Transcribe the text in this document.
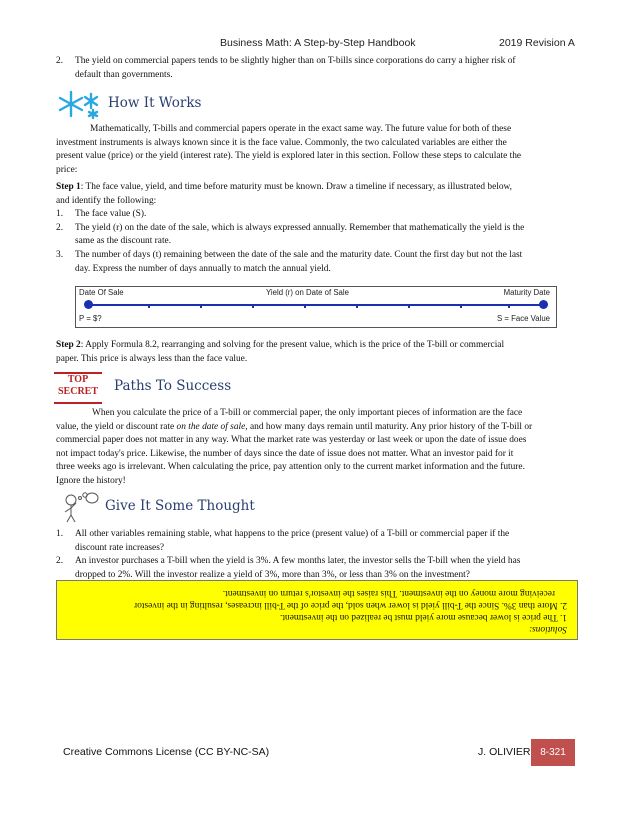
Business Math: A Step-by-Step Handbook	2019 Revision A
2. The yield on commercial papers tends to be slightly higher than on T-bills since corporations do carry a higher risk of
default than governments.
How It Works
Mathematically, T-bills and commercial papers operate in the exact same way. The future value for both of these
investment instruments is always known since it is the face value. Commonly, the two calculated variables are either the
present value (price) or the yield (interest rate). The yield is explored later in this section. Follow these steps to calculate the
price:
Step 1: The face value, yield, and time before maturity must be known. Draw a timeline if necessary, as illustrated below,
and identify the following:
1. The face value (S).
2. The yield (r) on the date of the sale, which is always expressed annually. Remember that mathematically the yield is the
same as the discount rate.
3. The number of days (t) remaining between the date of the sale and the maturity date. Count the first day but not the last
day. Express the number of days annually to match the annual yield.
Date Of Sale	Yield (r) on Date of Sale	Maturity Date
P = $?	S = Face Value
Step 2: Apply Formula 8.2, rearranging and solving for the present value, which is the price of the T-bill or commercial
paper. This price is always less than the face value.
TOP
SECRET Paths To Success
When you calculate the price of a T-bill or commercial paper, the only important pieces of information are the face
value, the yield or discount rate on the date of sale, and how many days remain until maturity. Any prior history of the T-bill or
commercial paper does not matter in any way. What the market rate was yesterday or last week or upon the date of issue does
not impact today's price. Likewise, the number of days since the date of issue does not matter. What an investor paid for it
three weeks ago is irrelevant. When calculating the price, pay attention only to the current market information and the future.
Ignore the history!
Give It Some Thought
1. All other variables remaining stable, what happens to the price (present value) of a T-bill or commercial paper if the
discount rate increases?
2. An investor purchases a T-bill when the yield is 3%. A few months later, the investor sells the T-bill when the yield has
dropped to 2%. Will the investor realize a yield of 3%, more than 3%, or less than 3% on the investment?
Solutions:
1. The price is lower because more yield must be realized on the investment.
2. More than 3%. Since the T-bill yield is lower when sold, the price of the T-bill increases, resulting in the investor
receiving more money on the investment. This raises the investor's return on investment.
Creative Commons License (CC BY-NC-SA)	J. OLIVIER 8-321
